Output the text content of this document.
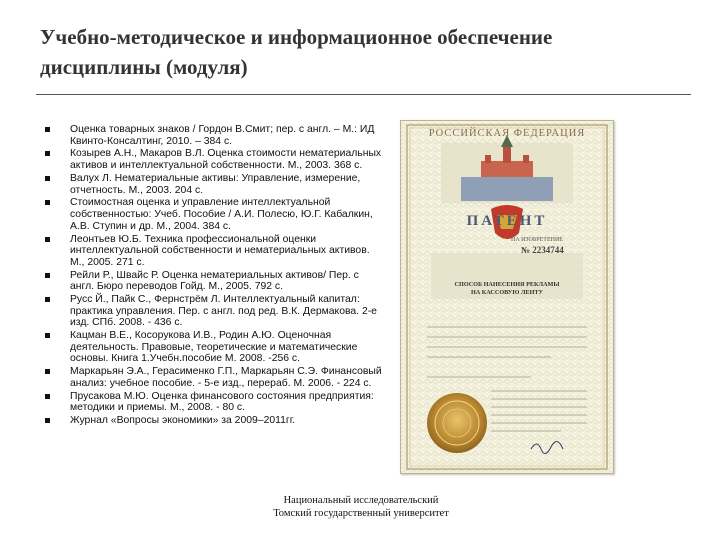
Учебно-методическое и информационное обеспечение
дисциплины (модуля)
Оценка товарных знаков / Гордон В.Смит; пер. с англ. – М.: ИД Квинто-Консалтинг, 2010. – 384 с.
Козырев А.Н., Макаров В.Л. Оценка стоимости нематериальных активов и интеллектуальной собственности. М., 2003. 368 с.
Валух Л. Нематериальные активы: Управление, измерение, отчетность. М., 2003. 204 с.
Стоимостная оценка и управление интеллектуальной собственностью: Учеб. Пособие / А.И. Полесю, Ю.Г. Кабалкин, А.В. Ступин и др. М., 2004. 384 с.
Леонтьев Ю.Б. Техника профессиональной оценки интеллектуальной собственности и нематериальных активов. М., 2005. 271 с.
Рейли Р., Швайс Р. Оценка нематериальных активов/ Пер. с англ. Бюро переводов Гойд. М., 2005. 792 с.
Русс Й., Пайк С., Фернстрём Л. Интеллектуальный капитал: практика управления. Пер. с англ. под ред. В.К. Дермакова. 2-е изд. СПб. 2008. - 436 с.
Кацман В.Е., Косорукова И.В., Родин А.Ю. Оценочная деятельность. Правовые, теоретические и математические основы. Книга 1.Учебн.пособие М. 2008. -256 с.
Маркарьян Э.А., Герасименко Г.П., Маркарьян С.Э. Финансовый анализ: учебное пособие. - 5-е изд., перераб. М. 2006. - 224 с.
Прусакова М.Ю. Оценка финансового состояния предприятия: методики и приемы. М., 2008. - 80 с.
Журнал «Вопросы экономики» за 2009–2011гг.
РОССИЙСКАЯ ФЕДЕРАЦИЯ
ПАТЕНТ
НА ИЗОБРЕТЕНИЕ
№ 2234744
СПОСОБ НАНЕСЕНИЯ РЕКЛАМЫ
НА КАССОВУЮ ЛЕНТУ
Национальный исследовательский
Томский государственный университет
